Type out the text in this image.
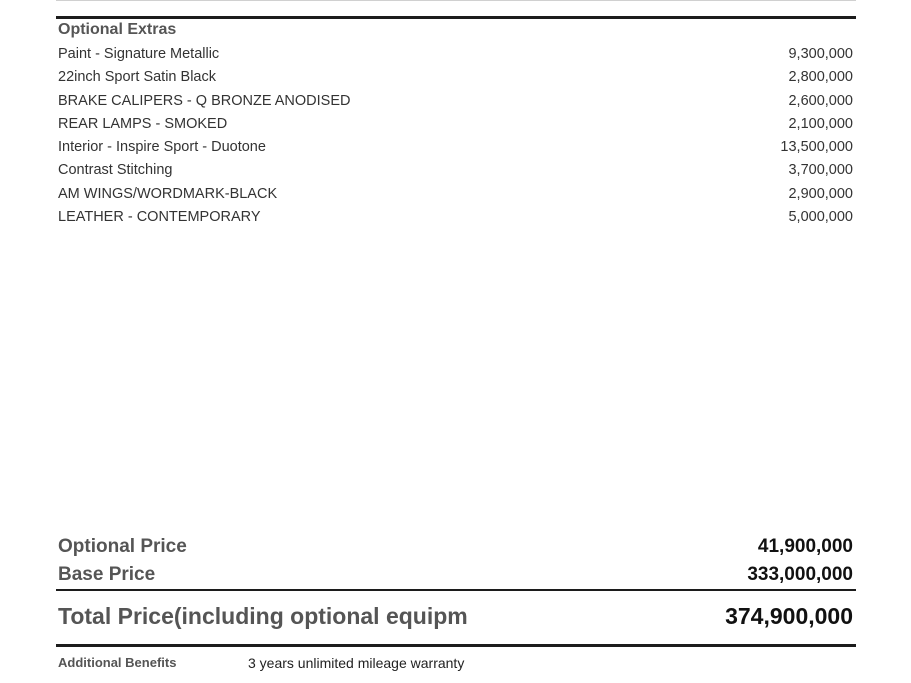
Optional Extras
Paint - Signature Metallic	9,300,000
22inch Sport Satin Black	2,800,000
BRAKE CALIPERS - Q BRONZE ANODISED	2,600,000
REAR LAMPS - SMOKED	2,100,000
Interior - Inspire Sport - Duotone	13,500,000
Contrast Stitching	3,700,000
AM WINGS/WORDMARK-BLACK	2,900,000
LEATHER - CONTEMPORARY	5,000,000
Optional Price	41,900,000
Base Price	333,000,000
Total Price(including optional equipm	374,900,000
Additional Benefits	3 years unlimited mileage warranty
